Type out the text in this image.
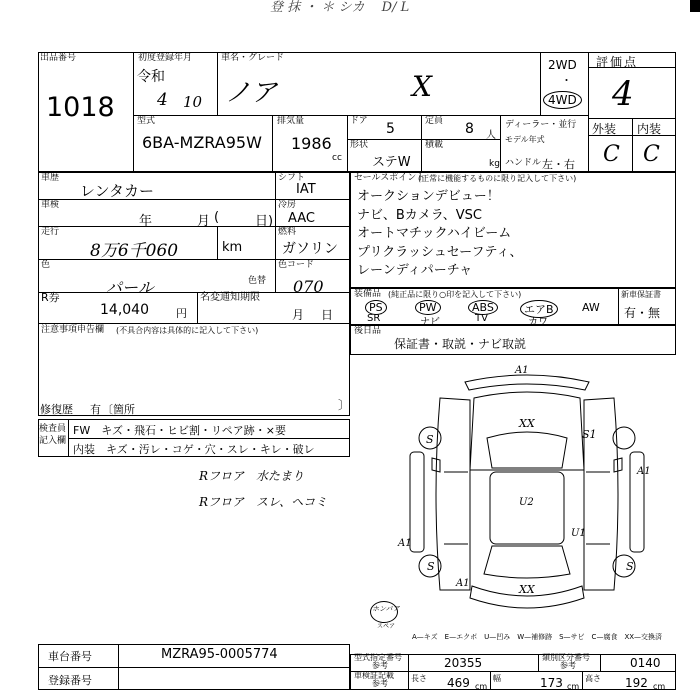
登 抹 ・ ＊ シカ　 D/ L
出品番号
1018
初度登録年月
令和
4 10
車名・グレード
ノア	X
2WD
・
4WD
評価点
4
外装 内装
C C
型式
6BA-MZRA95W
排気量
1986
cc
ドア 5	定員 8 人
ディーラー・並行
形状
ステW
積載
kg
モデル年式
ハンドル 左・右
車歴
レンタカー
シフト
IAT
車検
年	月	日)
(
冷房
AAC
走行
8万6千060	km
燃料
ガソリン
色
パール	色替
色コード
070
R券
14,040 円
名変通知期限
月 日
注意事項申告欄 (不具合内容は具体的に記入して下さい)
修復歴 有 〔箇所	〕
セールスポイント
(正常に機能するものに限り記入して下さい)
オークションデビュー！
ナビ、Bカメラ、VSC
オートマチックハイビーム
プリクラッシュセーフティ、
レーンディパーチャ
装備品 (純正品に限り○印を記入して下さい)
PS	PW	ABS	エアB	AW
SR	ナビ	TV	カワ
新車保証書
有・無
後日品
保証書・取説・ナビ取説
検査員記入欄
FW　キズ・飛石・ヒビ割・リペア跡・×要
内装　キズ・汚レ・コゲ・穴・スレ・キレ・破レ
Rフロア　水たまり
Rフロア　スレ、ヘコミ
A1
XX
S	S1
A1
A1
U2
U1
A1
S	S
XX
ホンパア
スペア
A—キズ　E—エクボ　U—凹み　W—補修跡　S—サビ　C—腐食　XX—交換済
車台番号	MZRA95-0005774
登録番号
型式指定番号
参考	20355	類別区分番号
参考	0140
車検証記載
参考
長さ 469 cm
幅	173 cm
高さ 192 cm
